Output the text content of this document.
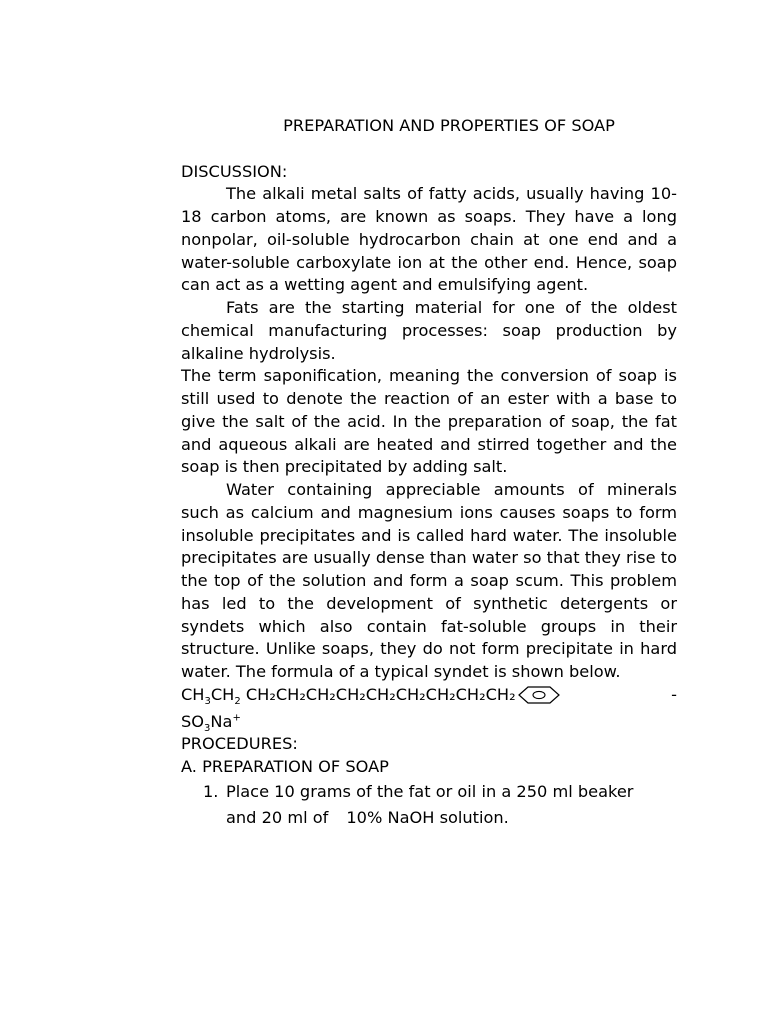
PREPARATION AND PROPERTIES OF SOAP
DISCUSSION:

The alkali metal salts of fatty acids, usually having 10-18 carbon atoms, are known as soaps. They have a long nonpolar, oil-soluble hydrocarbon chain at one end and a water-soluble carboxylate ion at the other end. Hence, soap can act as a wetting agent and emulsifying agent.

Fats are the starting material for one of the oldest chemical manufacturing processes: soap production by alkaline hydrolysis.

The term saponification, meaning the conversion of soap is still used to denote the reaction of an ester with a base to give the salt of the acid. In the preparation of soap, the fat and aqueous alkali are heated and stirred together and the soap is then precipitated by adding salt.

Water containing appreciable amounts of minerals such as calcium and magnesium ions causes soaps to form insoluble precipitates and is called hard water. The insoluble precipitates are usually dense than water so that they rise to the top of the solution and form a soap scum. This problem has led to the development of synthetic detergents or syndets which also contain fat-soluble groups in their structure. Unlike soaps, they do not form precipitate in hard water. The formula of a typical syndet is shown below.

$CH_3CH_2$ CH₂CH₂CH₂CH₂CH₂CH₂CH₂CH₂CH₂	-
$SO_3Na^+$
PROCEDURES:
A. PREPARATION OF SOAP
1. Place 10 grams of the fat or oil in a 250 ml beaker
and 20 ml of 10% NaOH solution.
